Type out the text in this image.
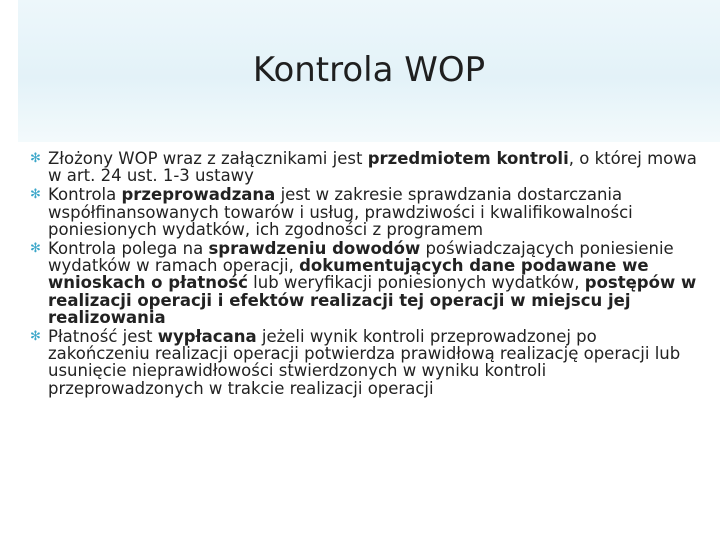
Kontrola WOP
✻ Złożony WOP wraz z załącznikami jest przedmiotem kontroli, o której mowa w art. 24 ust. 1-3 ustawy
✻ Kontrola przeprowadzana jest w zakresie sprawdzania dostarczania współfinansowanych towarów i usług, prawdziwości i kwalifikowalności poniesionych wydatków, ich zgodności z programem
✻ Kontrola polega na sprawdzeniu dowodów poświadczających poniesienie wydatków w ramach operacji, dokumentujących dane podawane we wnioskach o płatność lub weryfikacji poniesionych wydatków, postępów w realizacji operacji i efektów realizacji tej operacji w miejscu jej realizowania
✻ Płatność jest wypłacana jeżeli wynik kontroli przeprowadzonej po zakończeniu realizacji operacji potwierdza prawidłową realizację operacji lub usunięcie nieprawidłowości stwierdzonych w wyniku kontroli przeprowadzonych w trakcie realizacji operacji
